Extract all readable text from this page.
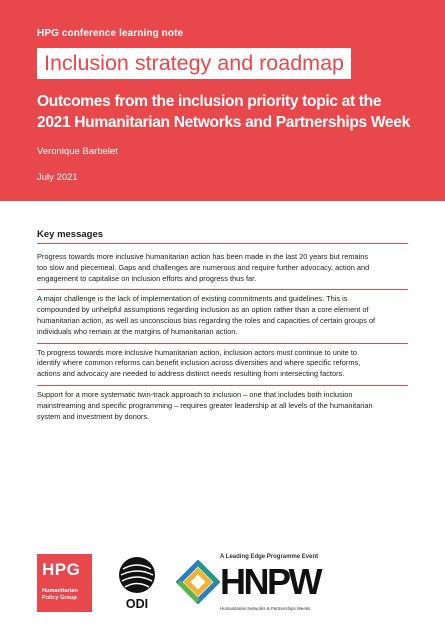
HPG conference learning note
Inclusion strategy and roadmap
Outcomes from the inclusion priority topic at the
2021 Humanitarian Networks and Partnerships Week
Veronique Barbelet
July 2021
Key messages
Progress towards more inclusive humanitarian action has been made in the last 20 years but remains
too slow and piecemeal. Gaps and challenges are numerous and require further advocacy, action and
engagement to capitalise on inclusion efforts and progress thus far.
A major challenge is the lack of implementation of existing commitments and guidelines. This is
compounded by unhelpful assumptions regarding inclusion as an option rather than a core element of
humanitarian action, as well as unconscious bias regarding the roles and capacities of certain groups of
individuals who remain at the margins of humanitarian action.
To progress towards more inclusive humanitarian action, inclusion actors must continue to unite to
identify where common reforms can benefit inclusion across diversities and where specific reforms,
actions and advocacy are needed to address distinct needs resulting from intersecting factors.
Support for a more systematic twin-track approach to inclusion – one that includes both inclusion
mainstreaming and specific programming – requires greater leadership at all levels of the humanitarian
system and investment by donors.
HPG
Humanitarian
Policy Group	ODI
A Leading Edge Programme Event
HNPW
Humanitarian Networks & Partnerships Weeks
